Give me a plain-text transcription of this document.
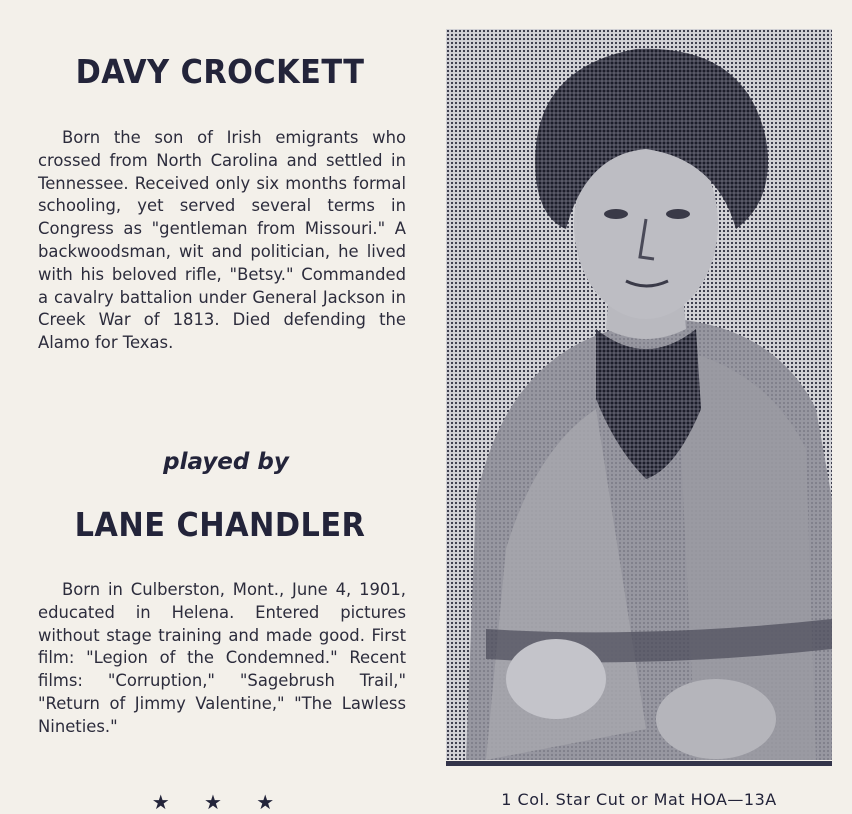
DAVY CROCKETT

Born the son of Irish emigrants who crossed from North Carolina and settled in Tennessee. Received only six months formal schooling, yet served several terms in Congress as "gentleman from Missouri." A backwoodsman, wit and politician, he lived with his beloved rifle, "Betsy." Commanded a cavalry battalion under General Jackson in Creek War of 1813. Died defending the Alamo for Texas.

played by
LANE CHANDLER

Born in Culberston, Mont., June 4, 1901, educated in Helena. Entered pictures without stage training and made good. First film: "Legion of the Condemned." Recent films: "Corruption," "Sagebrush Trail," "Return of Jimmy Valentine," "The Lawless Nineties."

★ ★ ★	1 Col. Star Cut or Mat HOA—13A
